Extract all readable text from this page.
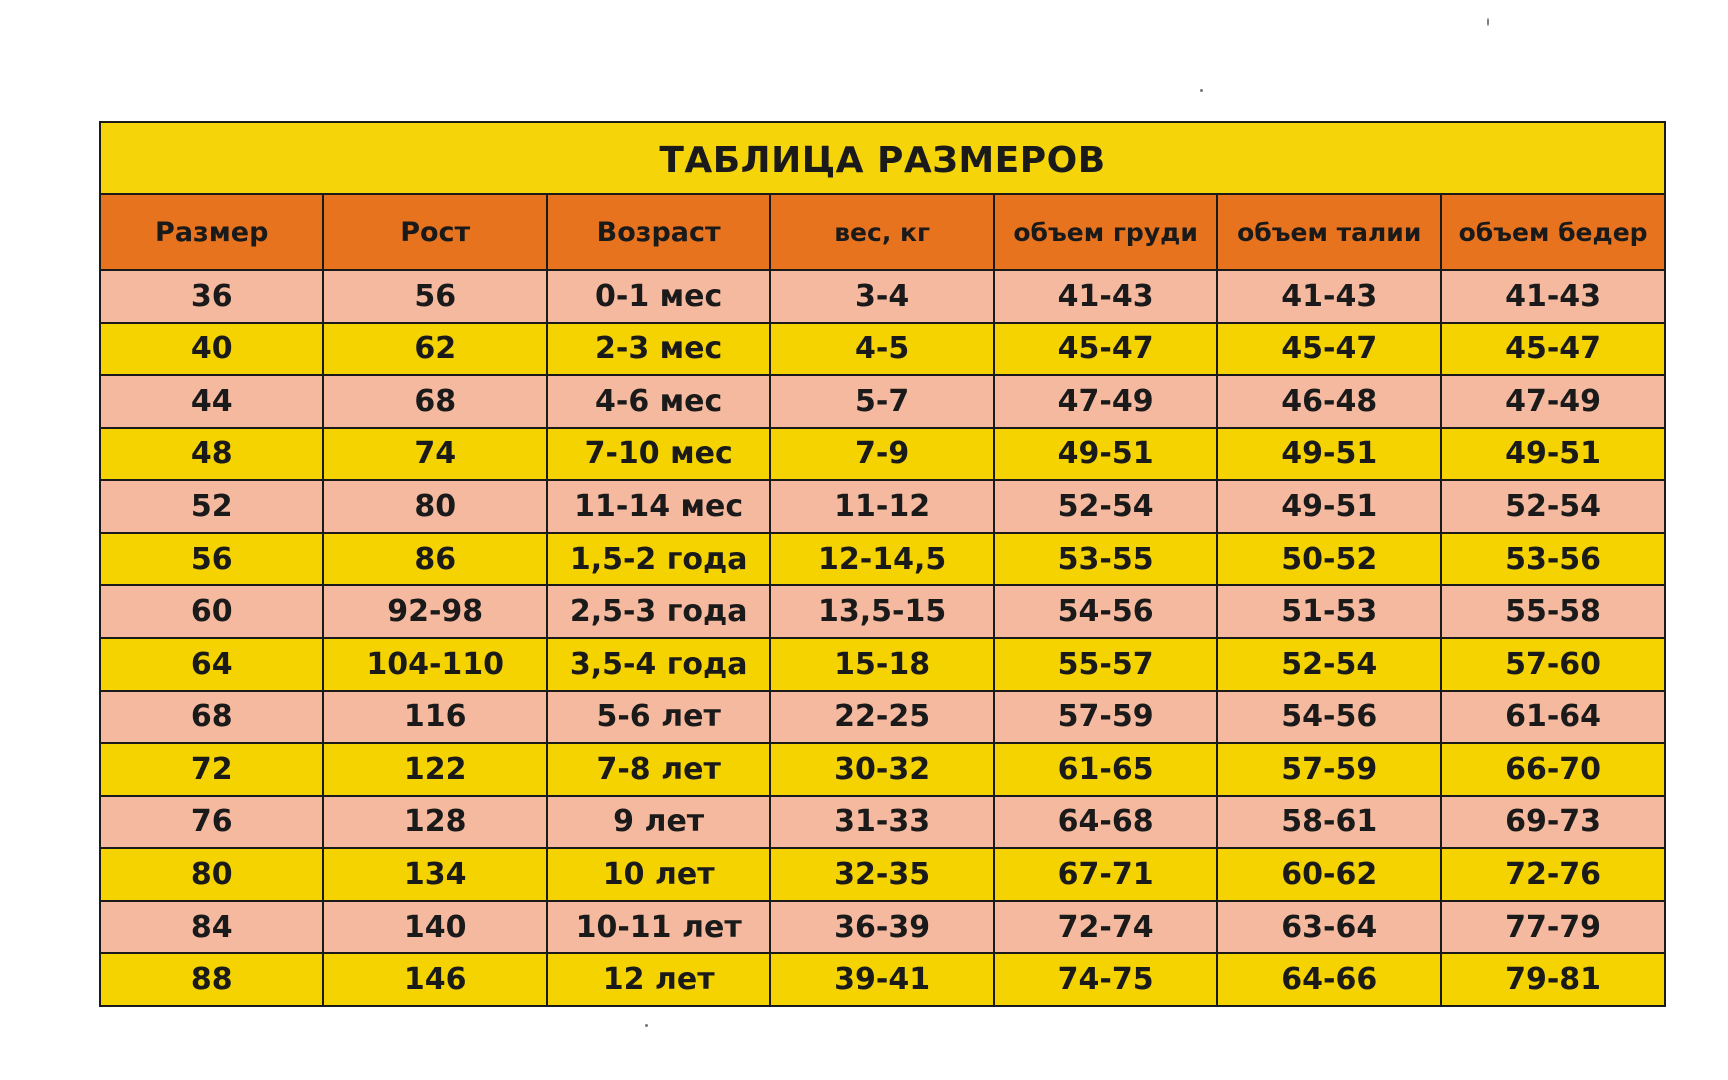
ТАБЛИЦА РАЗМЕРОВ						
Размер	Рост	Возраст	вес, кг	объем груди	объем талии	объем бедер
36	56	0-1 мес	3-4	41-43	41-43	41-43
40	62	2-3 мес	4-5	45-47	45-47	45-47
44	68	4-6 мес	5-7	47-49	46-48	47-49
48	74	7-10 мес	7-9	49-51	49-51	49-51
52	80	11-14 мес	11-12	52-54	49-51	52-54
56	86	1,5-2 года	12-14,5	53-55	50-52	53-56
60	92-98	2,5-3 года	13,5-15	54-56	51-53	55-58
64	104-110	3,5-4 года	15-18	55-57	52-54	57-60
68	116	5-6 лет	22-25	57-59	54-56	61-64
72	122	7-8 лет	30-32	61-65	57-59	66-70
76	128	9 лет	31-33	64-68	58-61	69-73
80	134	10 лет	32-35	67-71	60-62	72-76
84	140	10-11 лет	36-39	72-74	63-64	77-79
88	146	12 лет	39-41	74-75	64-66	79-81
